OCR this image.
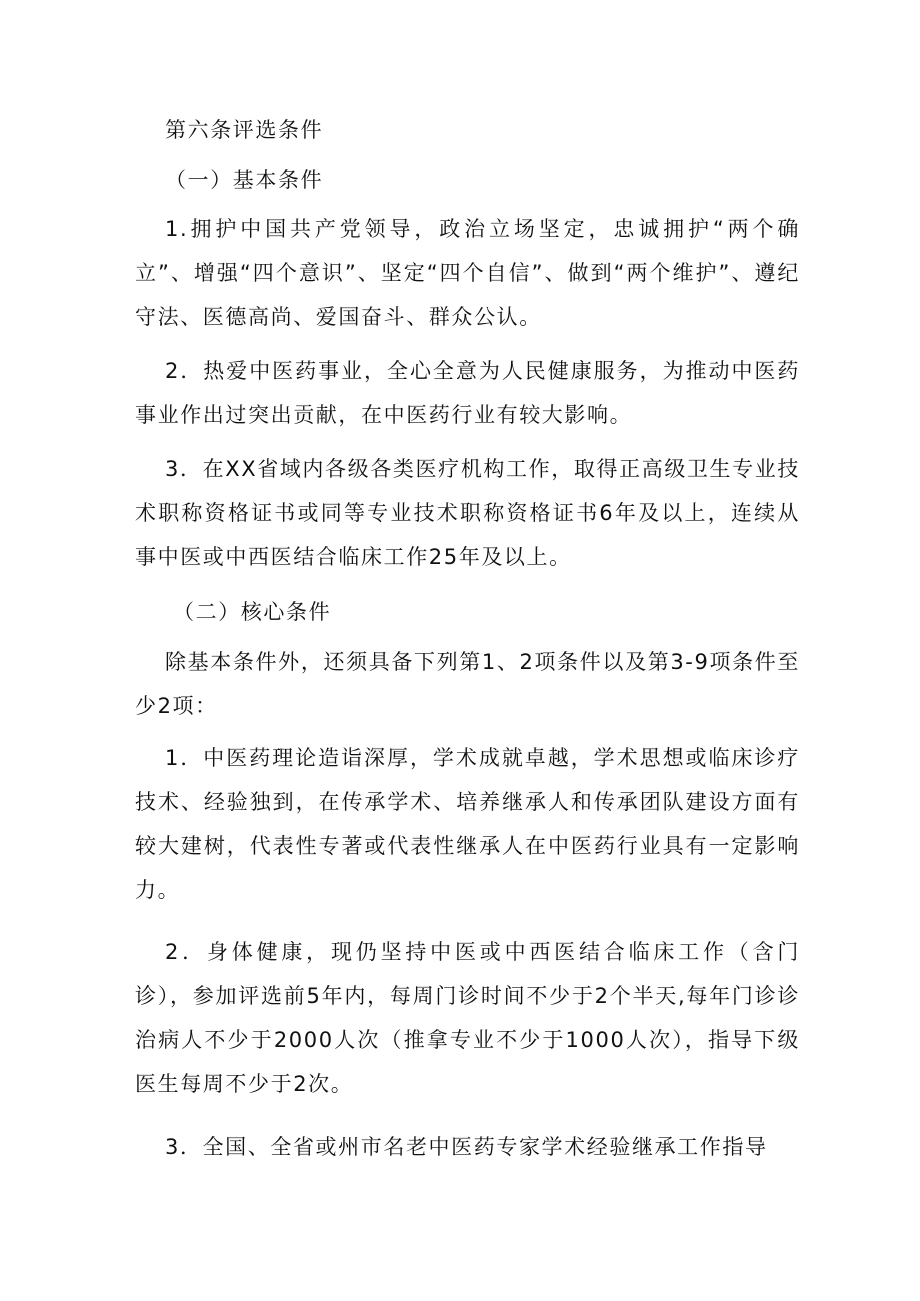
第六条评选条件

（一）基本条件

1.拥护中国共产党领导，政治立场坚定，忠诚拥护“两个确立”、增强“四个意识”、坚定“四个自信”、做到“两个维护”、遵纪守法、医德高尚、爱国奋斗、群众公认。

2．热爱中医药事业，全心全意为人民健康服务，为推动中医药事业作出过突出贡献，在中医药行业有较大影响。

3．在XX省域内各级各类医疗机构工作，取得正高级卫生专业技术职称资格证书或同等专业技术职称资格证书6年及以上，连续从事中医或中西医结合临床工作25年及以上。

（二）核心条件

除基本条件外，还须具备下列第1、2项条件以及第3-9项条件至少2项：

1．中医药理论造诣深厚，学术成就卓越，学术思想或临床诊疗技术、经验独到，在传承学术、培养继承人和传承团队建设方面有较大建树，代表性专著或代表性继承人在中医药行业具有一定影响力。

2．身体健康，现仍坚持中医或中西医结合临床工作（含门诊），参加评选前5年内，每周门诊时间不少于2个半天,每年门诊诊治病人不少于2000人次（推拿专业不少于1000人次），指导下级医生每周不少于2次。

3．全国、全省或州市名老中医药专家学术经验继承工作指导
